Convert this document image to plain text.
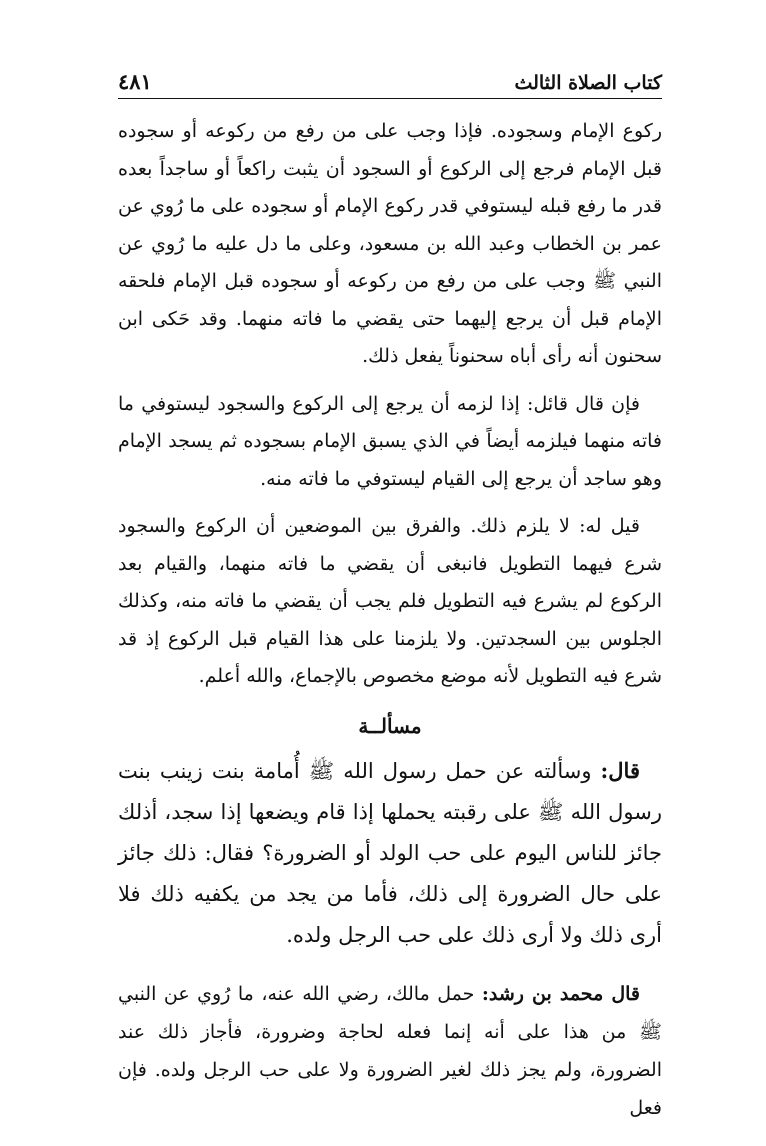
٤٨١	كتاب الصلاة الثالث

ركوع الإمام وسجوده. فإذا وجب على من رفع من ركوعه أو سجوده قبل الإمام فرجع إلى الركوع أو السجود أن يثبت راكعاً أو ساجداً بعده قدر ما رفع قبله ليستوفي قدر ركوع الإمام أو سجوده على ما رُوي عن عمر بن الخطاب وعبد الله بن مسعود، وعلى ما دل عليه ما رُوي عن النبي ﷺ وجب على من رفع من ركوعه أو سجوده قبل الإمام فلحقه الإمام قبل أن يرجع إليهما حتى يقضي ما فاته منهما. وقد حَكى ابن سحنون أنه رأى أباه سحنوناً يفعل ذلك.

فإن قال قائل: إذا لزمه أن يرجع إلى الركوع والسجود ليستوفي ما فاته منهما فيلزمه أيضاً في الذي يسبق الإمام بسجوده ثم يسجد الإمام وهو ساجد أن يرجع إلى القيام ليستوفي ما فاته منه.

قيل له: لا يلزم ذلك. والفرق بين الموضعين أن الركوع والسجود شرع فيهما التطويل فانبغى أن يقضي ما فاته منهما، والقيام بعد الركوع لم يشرع فيه التطويل فلم يجب أن يقضي ما فاته منه، وكذلك الجلوس بين السجدتين. ولا يلزمنا على هذا القيام قبل الركوع إذ قد شرع فيه التطويل لأنه موضع مخصوص بالإجماع، والله أعلم.

مسألــة

قال: وسألته عن حمل رسول الله ﷺ أُمامة بنت زينب بنت رسول الله ﷺ على رقبته يحملها إذا قام ويضعها إذا سجد، أذلك جائز للناس اليوم على حب الولد أو الضرورة؟ فقال: ذلك جائز على حال الضرورة إلى ذلك، فأما من يجد من يكفيه ذلك فلا أرى ذلك ولا أرى ذلك على حب الرجل ولده.

قال محمد بن رشد: حمل مالك، رضي الله عنه، ما رُوي عن النبي ﷺ من هذا على أنه إنما فعله لحاجة وضرورة، فأجاز ذلك عند الضرورة، ولم يجز ذلك لغير الضرورة ولا على حب الرجل ولده. فإن فعل
